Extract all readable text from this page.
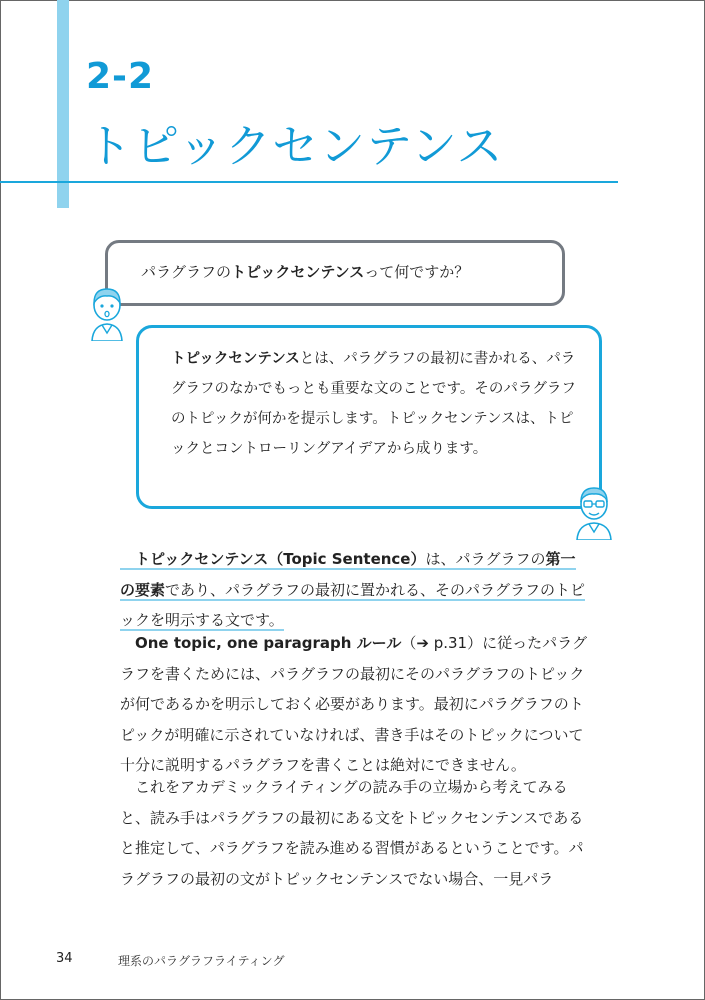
2-2
トピックセンテンス
パラグラフのトピックセンテンスって何ですか？
トピックセンテンスとは、パラグラフの最初に書かれる、パラグラフのなかでもっとも重要な文のことです。そのパラグラフのトピックが何かを提示します。トピックセンテンスは、トピックとコントローリングアイデアから成ります。

トピックセンテンス（Topic Sentence）は、パラグラフの第一の要素であり、パラグラフの最初に置かれる、そのパラグラフのトピックを明示する文です。

One topic, one paragraph ルール（➔ p.31）に従ったパラグラフを書くためには、パラグラフの最初にそのパラグラフのトピックが何であるかを明示しておく必要があります。最初にパラグラフのトピックが明確に示されていなければ、書き手はそのトピックについて十分に説明するパラグラフを書くことは絶対にできません。

これをアカデミックライティングの読み手の立場から考えてみると、読み手はパラグラフの最初にある文をトピックセンテンスであると推定して、パラグラフを読み進める習慣があるということです。パラグラフの最初の文がトピックセンテンスでない場合、一見パラ

34	理系のパラグラフライティング
